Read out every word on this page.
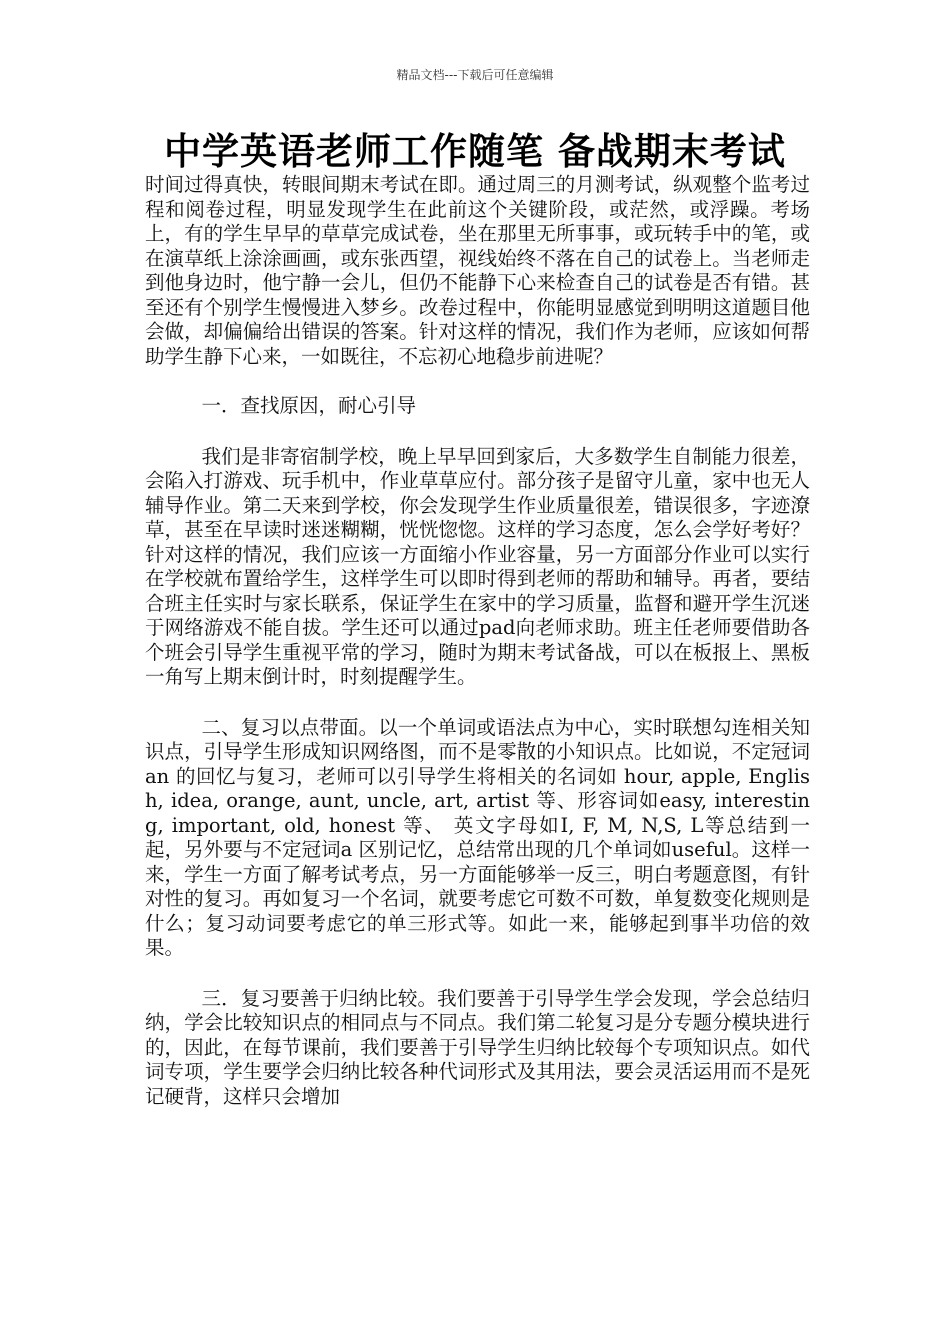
精品文档---下载后可任意编辑
中学英语老师工作随笔 备战期末考试

时间过得真快，转眼间期末考试在即。通过周三的月测考试，纵观整个监考过程和阅卷过程，明显发现学生在此前这个关键阶段，或茫然，或浮躁。考场上，有的学生早早的草草完成试卷，坐在那里无所事事，或玩转手中的笔，或在演草纸上涂涂画画，或东张西望，视线始终不落在自己的试卷上。当老师走到他身边时，他宁静一会儿，但仍不能静下心来检查自己的试卷是否有错。甚至还有个别学生慢慢进入梦乡。改卷过程中，你能明显感觉到明明这道题目他会做，却偏偏给出错误的答案。针对这样的情况，我们作为老师，应该如何帮助学生静下心来，一如既往，不忘初心地稳步前进呢？

一．查找原因，耐心引导

我们是非寄宿制学校，晚上早早回到家后，大多数学生自制能力很差，会陷入打游戏、玩手机中，作业草草应付。部分孩子是留守儿童，家中也无人辅导作业。第二天来到学校，你会发现学生作业质量很差，错误很多，字迹潦草，甚至在早读时迷迷糊糊，恍恍惚惚。这样的学习态度，怎么会学好考好？针对这样的情况，我们应该一方面缩小作业容量，另一方面部分作业可以实行在学校就布置给学生，这样学生可以即时得到老师的帮助和辅导。再者，要结合班主任实时与家长联系，保证学生在家中的学习质量，监督和避开学生沉迷于网络游戏不能自拔。学生还可以通过pad向老师求助。班主任老师要借助各个班会引导学生重视平常的学习，随时为期末考试备战，可以在板报上、黑板一角写上期末倒计时，时刻提醒学生。

二、复习以点带面。以一个单词或语法点为中心，实时联想勾连相关知识点，引导学生形成知识网络图，而不是零散的小知识点。比如说，不定冠词an 的回忆与复习，老师可以引导学生将相关的名词如 hour, apple, English, idea, orange, aunt, uncle, art, artist 等、形容词如easy, interesting, important, old, honest 等、 英文字母如I, F, M, N,S, L等总结到一起，另外要与不定冠词a 区别记忆，总结常出现的几个单词如useful。这样一来，学生一方面了解考试考点，另一方面能够举一反三，明白考题意图，有针对性的复习。再如复习一个名词，就要考虑它可数不可数，单复数变化规则是什么；复习动词要考虑它的单三形式等。如此一来，能够起到事半功倍的效果。

三．复习要善于归纳比较。我们要善于引导学生学会发现，学会总结归纳，学会比较知识点的相同点与不同点。我们第二轮复习是分专题分模块进行的，因此，在每节课前，我们要善于引导学生归纳比较每个专项知识点。如代词专项，学生要学会归纳比较各种代词形式及其用法，要会灵活运用而不是死记硬背，这样只会增加
